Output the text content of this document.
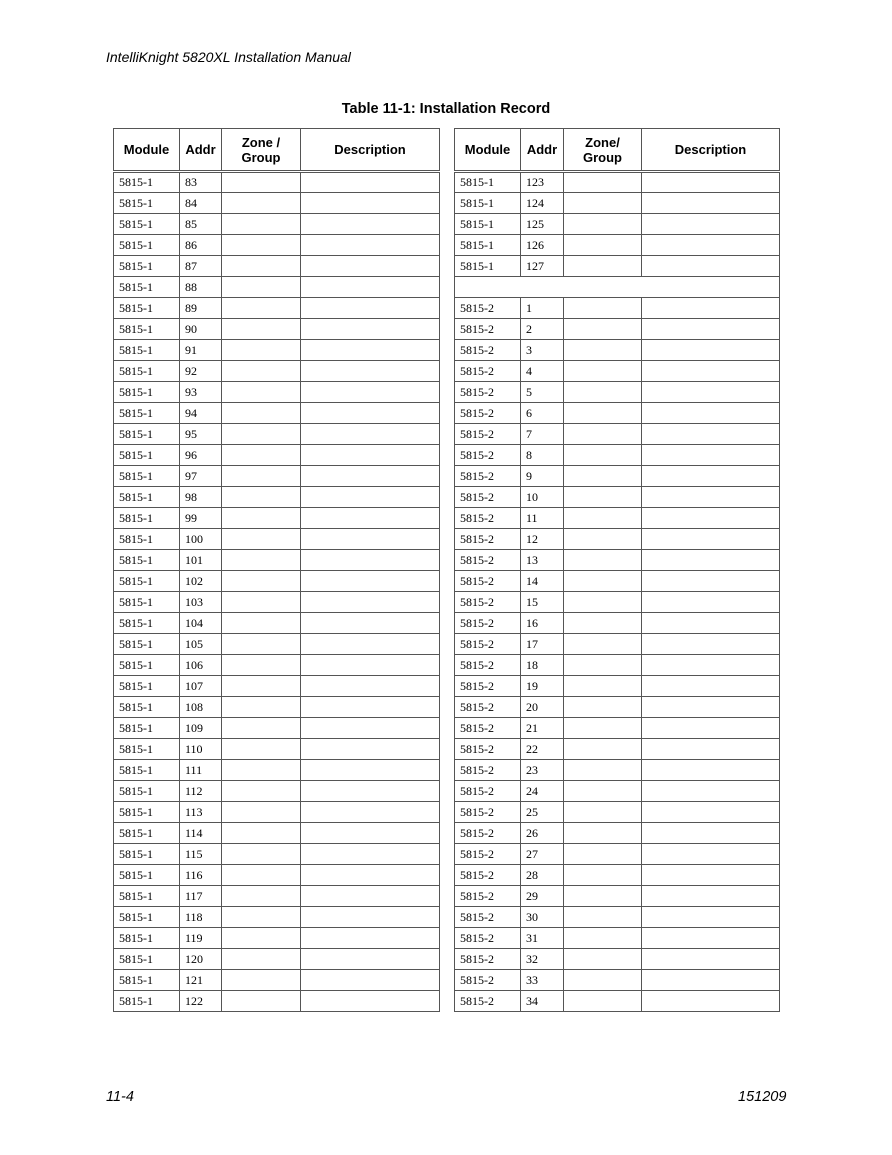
IntelliKnight 5820XL Installation Manual
Table 11-1: Installation Record
Module	Addr	Zone / Group	Description
5815-1	83		
5815-1	84		
5815-1	85		
5815-1	86		
5815-1	87		
5815-1	88		
5815-1	89		
5815-1	90		
5815-1	91		
5815-1	92		
5815-1	93		
5815-1	94		
5815-1	95		
5815-1	96		
5815-1	97		
5815-1	98		
5815-1	99		
5815-1	100		
5815-1	101		
5815-1	102		
5815-1	103		
5815-1	104		
5815-1	105		
5815-1	106		
5815-1	107		
5815-1	108		
5815-1	109		
5815-1	110		
5815-1	111		
5815-1	112		
5815-1	113		
5815-1	114		
5815-1	115		
5815-1	116		
5815-1	117		
5815-1	118		
5815-1	119		
5815-1	120		
5815-1	121		
5815-1	122		
Module	Addr	Zone/ Group	Description
5815-1	123		
5815-1	124		
5815-1	125		
5815-1	126		
5815-1	127		

5815-2	1		
5815-2	2		
5815-2	3		
5815-2	4		
5815-2	5		
5815-2	6		
5815-2	7		
5815-2	8		
5815-2	9		
5815-2	10		
5815-2	11		
5815-2	12		
5815-2	13		
5815-2	14		
5815-2	15		
5815-2	16		
5815-2	17		
5815-2	18		
5815-2	19		
5815-2	20		
5815-2	21		
5815-2	22		
5815-2	23		
5815-2	24		
5815-2	25		
5815-2	26		
5815-2	27		
5815-2	28		
5815-2	29		
5815-2	30		
5815-2	31		
5815-2	32		
5815-2	33		
5815-2	34		
11-4	151209
